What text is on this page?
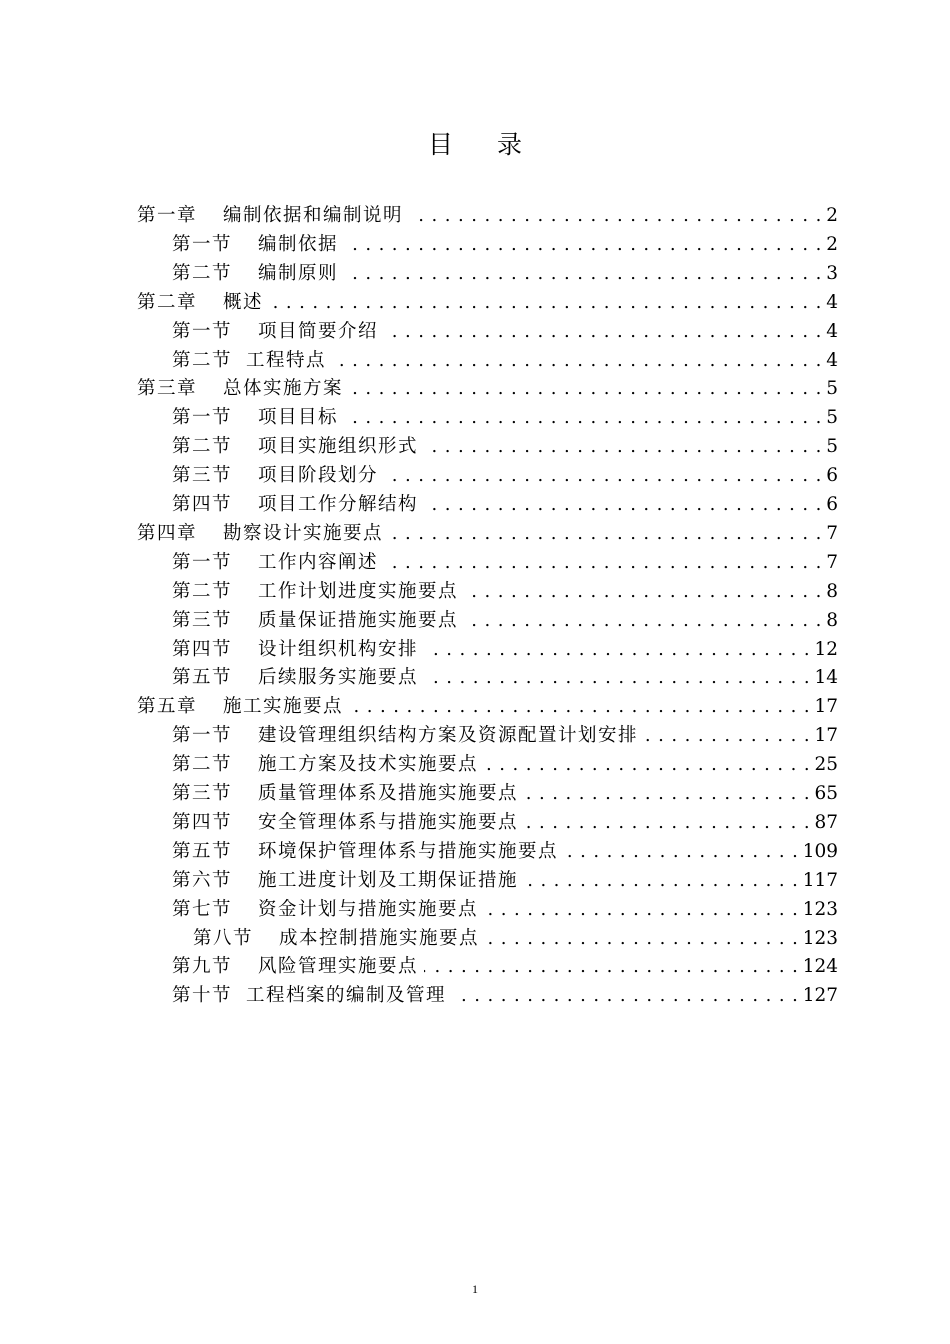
目 录
第一章 编制依据和编制说明 . . .	2
第一节 编制依据 . . .	2
第二节 编制原则 . . .	3
第二章 概述 . . .	4
第一节 项目简要介绍 . . .	4
第二节 工程特点 . . .	4
第三章 总体实施方案 . . .	5
第一节 项目目标 . . .	5
第二节 项目实施组织形式 . . .	5
第三节 项目阶段划分 . . .	6
第四节 项目工作分解结构 . . .	6
第四章 勘察设计实施要点 . . .	7
第一节 工作内容阐述 . . .	7
第二节 工作计划进度实施要点 . . .	8
第三节 质量保证措施实施要点 . . .	8
第四节 设计组织机构安排 . . .	12
第五节 后续服务实施要点 . . .	14
第五章 施工实施要点 . . .	17
第一节 建设管理组织结构方案及资源配置计划安排 . . .	17
第二节 施工方案及技术实施要点 . . .	25
第三节 质量管理体系及措施实施要点 . . .	65
第四节 安全管理体系与措施实施要点 . . .	87
第五节 环境保护管理体系与措施实施要点 . . .	109
第六节 施工进度计划及工期保证措施 . . .	117
第七节 资金计划与措施实施要点 . . .	123
第八节 成本控制措施实施要点 . . .	123
第九节 风险管理实施要点 . . .	124
第十节 工程档案的编制及管理 . . .	127
1
